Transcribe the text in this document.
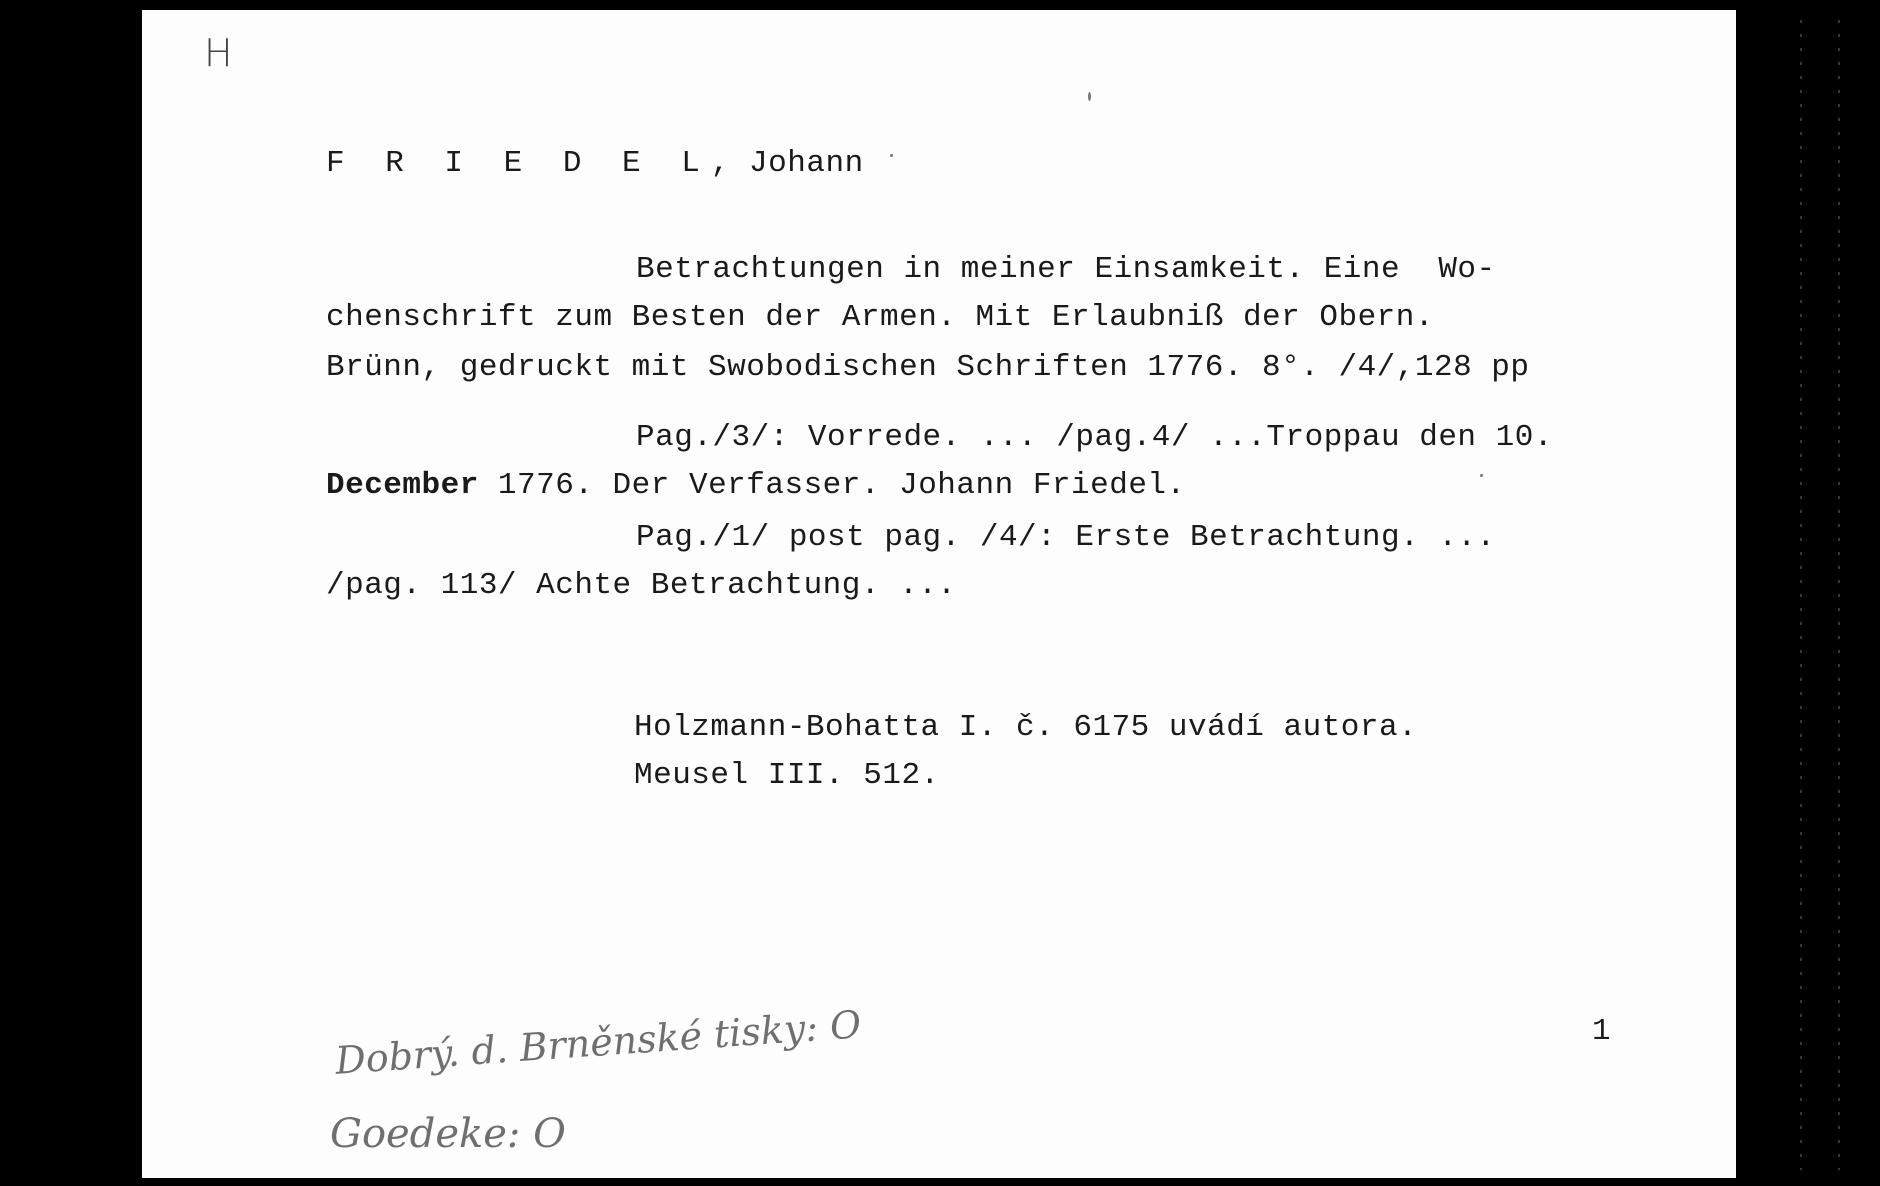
H

F R I E D E L, Johann

Betrachtungen in meiner Einsamkeit. Eine  Wo-

chenschrift zum Besten der Armen. Mit Erlaubniß der Obern.

Brünn, gedruckt mit Swobodischen Schriften 1776. 8°. /4/,128 pp

Pag./3/: Vorrede. ... /pag.4/ ...Troppau den 10.

December 1776. Der Verfasser. Johann Friedel.

Pag./1/ post pag. /4/: Erste Betrachtung. ...

/pag. 113/ Achte Betrachtung. ...

Holzmann-Bohatta I. č. 6175 uvádí autora.

Meusel III. 512.

1

Dobrý. d. Brněnské tisky: O

Goedeke: O
